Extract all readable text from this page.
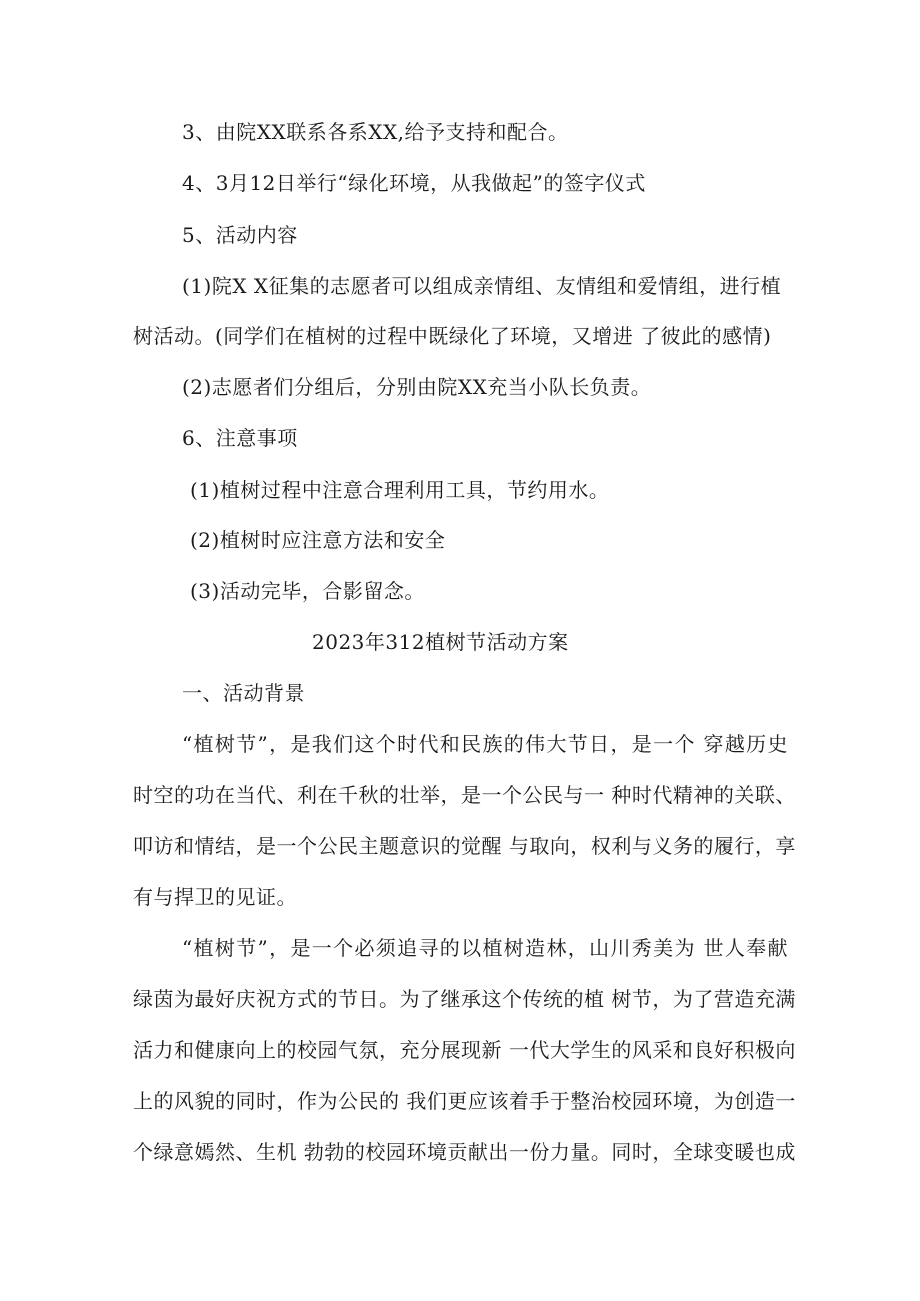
3、由院XX联系各系XX,给予支持和配合。
4、3月12日举行“绿化环境，从我做起”的签字仪式
5、活动内容
(1)院X X征集的志愿者可以组成亲情组、友情组和爱情组，进行植
树活动。(同学们在植树的过程中既绿化了环境，又增进 了彼此的感情)
(2)志愿者们分组后，分别由院XX充当小队长负责。
6、注意事项
(1)植树过程中注意合理利用工具，节约用水。
(2)植树时应注意方法和安全
(3)活动完毕，合影留念。
2023年312植树节活动方案
一、活动背景
“植树节”，是我们这个时代和民族的伟大节日，是一个 穿越历史
时空的功在当代、利在千秋的壮举，是一个公民与一 种时代精神的关联、
叩访和情结，是一个公民主题意识的觉醒 与取向，权利与义务的履行，享
有与捍卫的见证。
“植树节”，是一个必须追寻的以植树造林，山川秀美为 世人奉献
绿茵为最好庆祝方式的节日。为了继承这个传统的植 树节，为了营造充满
活力和健康向上的校园气氛，充分展现新 一代大学生的风采和良好积极向
上的风貌的同时，作为公民的 我们更应该着手于整治校园环境，为创造一
个绿意嫣然、生机 勃勃的校园环境贡献出一份力量。同时，全球变暖也成
